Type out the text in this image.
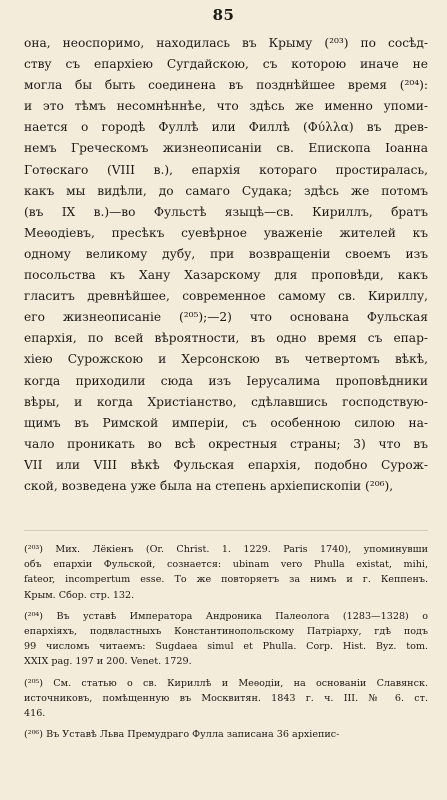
85
она, неоспоримо, находилась въ Крыму (²⁰³) по сосѣд-
ству съ епархіею Сугдайскою, съ которою иначе не
могла бы быть соединена въ позднѣйшее время (²⁰⁴):
и это тѣмъ несомнѣннѣе, что здѣсь же именно упоми-
нается о городѣ Фуллѣ или Филлѣ (Φύλλα) въ древ-
немъ Греческомъ жизнеописаніи св. Епископа Іоанна
Готѳскаго (VIII в.), епархія котораго простиралась,
какъ мы видѣли, до самаго Судака; здѣсь же потомъ
(въ IX в.)—во Фульстѣ языцѣ—св. Кириллъ, братъ
Меѳодіевъ, пресѣкъ суевѣрное уваженіе жителей къ
одному великому дубу, при возвращеніи своемъ изъ
посольства къ Хану Хазарскому для проповѣди, какъ
гласитъ древнѣйшее, современное самому св. Кириллу,
его жизнеописаніе (²⁰⁵);—2) что основана Фульская
епархія, по всей вѣроятности, въ одно время съ епар-
хіею Сурожскою и Херсонскою въ четвертомъ вѣкѣ,
когда приходили сюда изъ Іерусалима проповѣдники
вѣры, и когда Христіанство, сдѣлавшись господствую-
щимъ въ Римской имперіи, съ особенною силою на-
чало проникать во всѣ окрестныя страны; 3) что въ
VII или VIII вѣкѣ Фульская епархія, подобно Сурож-
ской, возведена уже была на степень архіепископіи (²⁰⁶),
(²⁰³) Мих. Лёкіенъ (Or. Christ. 1. 1229. Paris 1740), упоминувши
объ епархіи Фульской, сознается: ubinam vero Phulla existat, mihi,
fateor, incompertum esse. То же повторяетъ за нимъ и г. Кеппенъ.
Крым. Сбор. стр. 132.
(²⁰⁴) Въ уставѣ Императора Андроника Палеолога (1283—1328) о
епархіяхъ, подвластныхъ Константинопольскому Патріарху, гдѣ подъ
99 числомъ читаемъ: Sugdaea simul et Phulla. Corp. Hist. Byz. tom.
XXIX pag. 197 и 200. Venet. 1729.
(²⁰⁵) См. статью о св. Кириллѣ и Меѳодіи, на основаніи Славянск.
источниковъ, помѣщенную въ Москвитян. 1843 г. ч. III. № 6. ст.
416.
(²⁰⁶) Въ Уставѣ Льва Премудраго Фулла записана 36 архіепис-
